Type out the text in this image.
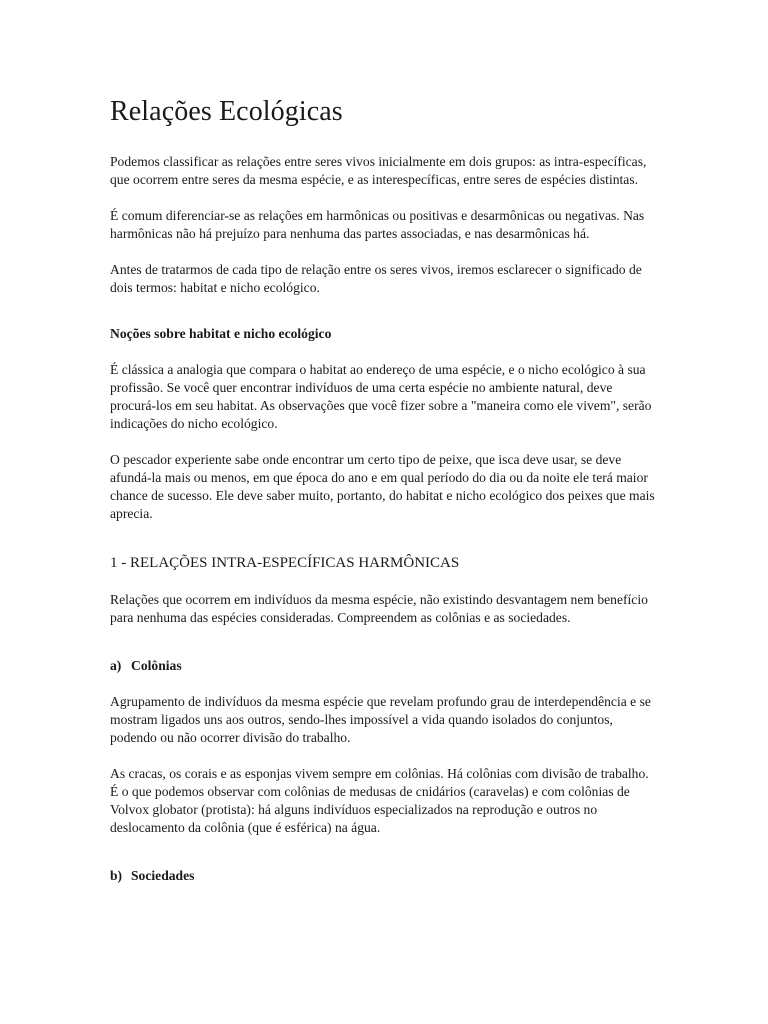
Relações Ecológicas

Podemos classificar as relações entre seres vivos inicialmente em dois grupos: as intra-específicas, que ocorrem entre seres da mesma espécie, e as interespecíficas, entre seres de espécies distintas.

É comum diferenciar-se as relações em harmônicas ou positivas e desarmônicas ou negativas. Nas harmônicas não há prejuízo para nenhuma das partes associadas, e nas desarmônicas há.

Antes de tratarmos de cada tipo de relação entre os seres vivos, iremos esclarecer o significado de dois termos: habitat e nicho ecológico.

Noções sobre habitat e nicho ecológico

É clássica a analogia que compara o habitat ao endereço de uma espécie, e o nicho ecológico à sua profissão. Se você quer encontrar indivíduos de uma certa espécie no ambiente natural, deve procurá-los em seu habitat. As observações que você fizer sobre a "maneira como ele vivem", serão indicações do nicho ecológico.

O pescador experiente sabe onde encontrar um certo tipo de peixe, que isca deve usar, se deve afundá-la mais ou menos, em que época do ano e em qual período do dia ou da noite ele terá maior chance de sucesso. Ele deve saber muito, portanto, do habitat e nicho ecológico dos peixes que mais aprecia.

1 - RELAÇÕES INTRA-ESPECÍFICAS HARMÔNICAS

Relações que ocorrem em indivíduos da mesma espécie, não existindo desvantagem nem benefício para nenhuma das espécies consideradas. Compreendem as colônias e as sociedades.

a) Colônias

Agrupamento de indivíduos da mesma espécie que revelam profundo grau de interdependência e se mostram ligados uns aos outros, sendo-lhes impossível a vida quando isolados do conjuntos, podendo ou não ocorrer divisão do trabalho.

As cracas, os corais e as esponjas vivem sempre em colônias. Há colônias com divisão de trabalho. É o que podemos observar com colônias de medusas de cnidários (caravelas) e com colônias de Volvox globator (protista): há alguns indivíduos especializados na reprodução e outros no deslocamento da colônia (que é esférica) na água.

b) Sociedades
